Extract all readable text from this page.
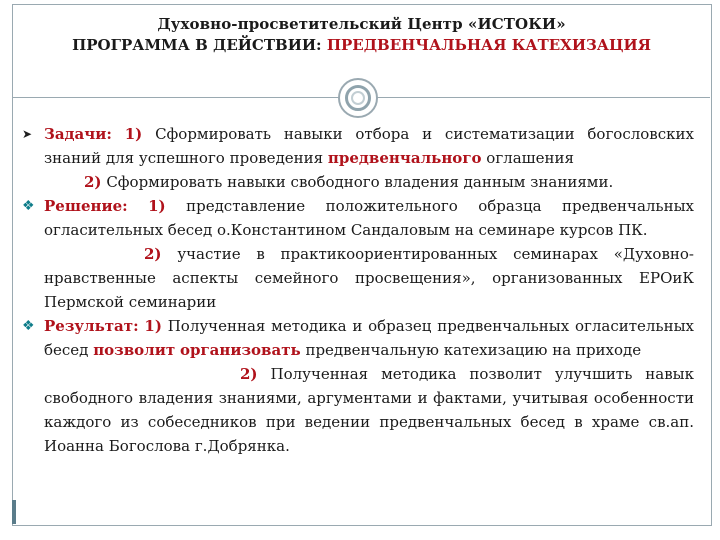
Духовно-просветительский Центр «ИСТОКИ»
ПРОГРАММА В ДЕЙСТВИИ: ПРЕДВЕНЧАЛЬНАЯ КАТЕХИЗАЦИЯ

➤ Задачи: 1) Сформировать навыки отбора и систематизации богословских знаний для успешного проведения предвенчального оглашения

2) Сформировать навыки свободного владения данным знаниями.

❖ Решение: 1) представление положительного образца предвенчальных огласительных бесед о.Константином Сандаловым на семинаре курсов ПК.

2) участие в практикоориентированных семинарах «Духовно-нравственные аспекты семейного просвещения», организованных ЕРОиК Пермской семинарии

❖ Результат: 1) Полученная методика и образец предвенчальных огласительных бесед позволит организовать предвенчальную катехизацию на приходе

2) Полученная методика позволит улучшить навык свободного владения знаниями, аргументами и фактами, учитывая особенности каждого из собеседников при ведении предвенчальных бесед в храме св.ап. Иоанна Богослова г.Добрянка.
